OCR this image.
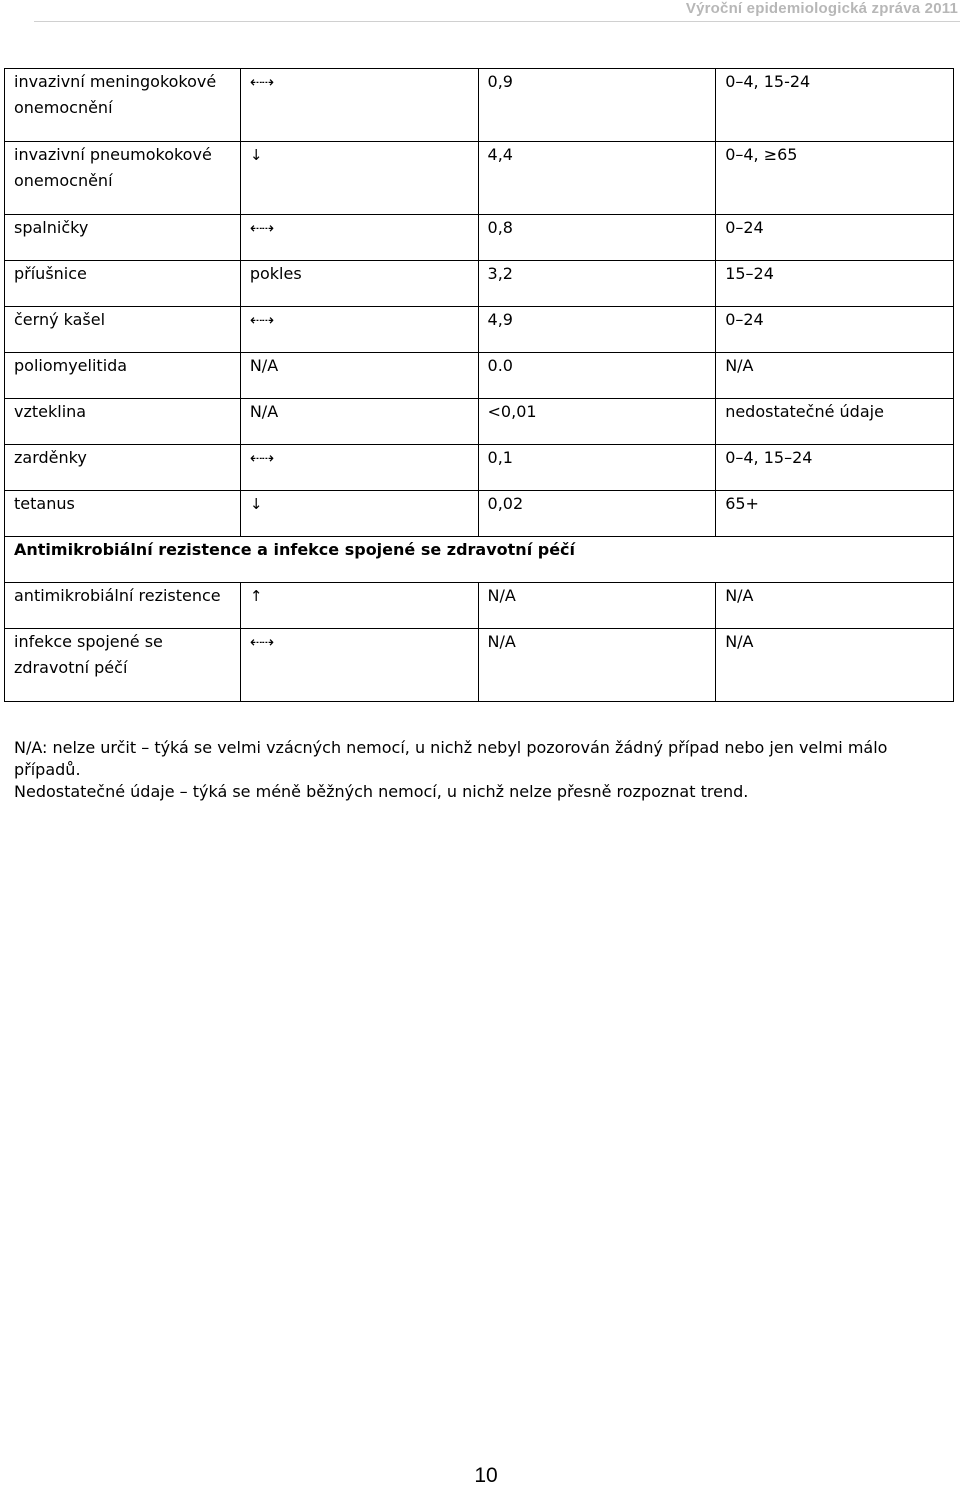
Výroční epidemiologická zpráva 2011
invazivní meningokokové onemocnění	⇠⇢	0,9	0–4, 15-24
invazivní pneumokokové onemocnění	↓	4,4	0–4, ≥65
spalničky	⇠⇢	0,8	0–24
příušnice	pokles	3,2	15–24
černý kašel	⇠⇢	4,9	0–24
poliomyelitida	N/A	0.0	N/A
vzteklina	N/A	<0,01	nedostatečné údaje
zarděnky	⇠⇢	0,1	0–4, 15–24
tetanus	↓	0,02	65+
Antimikrobiální rezistence a infekce spojené se zdravotní péčí			
antimikrobiální rezistence	↑	N/A	N/A
infekce spojené se zdravotní péčí	⇠⇢	N/A	N/A

N/A: nelze určit – týká se velmi vzácných nemocí, u nichž nebyl pozorován žádný případ nebo jen velmi málo případů.

Nedostatečné údaje – týká se méně běžných nemocí, u nichž nelze přesně rozpoznat trend.

10
